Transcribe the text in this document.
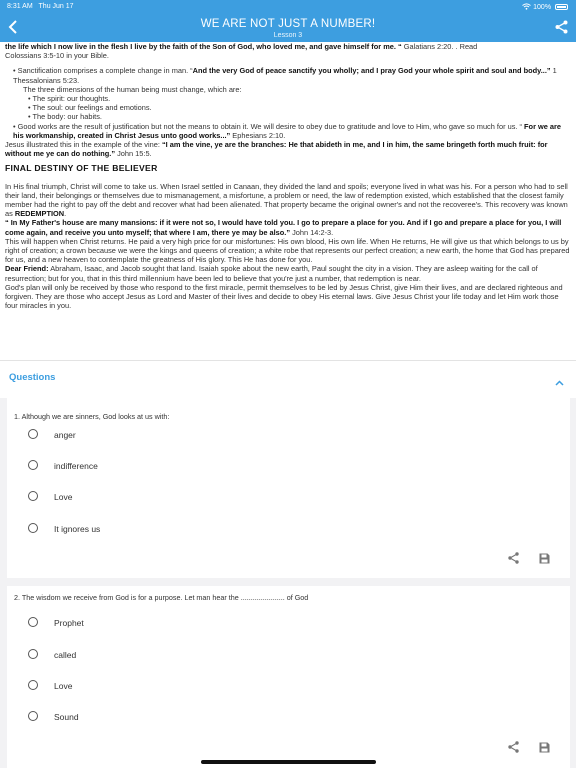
8:31 AM Thu Jun 17	100%
WE ARE NOT JUST A NUMBER!
Lesson 3

the life which I now live in the flesh I live by the faith of the Son of God, who loved me, and gave himself for me. “ Galatians 2:20. . Read

Colossians 3:5-10 in your Bible.

• Sanctification comprises a complete change in man. “And the very God of peace sanctify you wholly; and I pray God your whole spirit and soul and body...” 1 Thessalonians 5:23.

The three dimensions of the human being must change, which are:

• The spirit: our thoughts.

• The soul: our feelings and emotions.

• The body: our habits.

• Good works are the result of justification but not the means to obtain it. We will desire to obey due to gratitude and love to Him, who gave so much for us. “ For we are his workmanship, created in Christ Jesus unto good works...” Ephesians 2:10.

Jesus illustrated this in the example of the vine: “I am the vine, ye are the branches: He that abideth in me, and I in him, the same bringeth forth much fruit: for without me ye can do nothing.” John 15:5.

FINAL DESTINY OF THE BELIEVER

In His final triumph, Christ will come to take us. When Israel settled in Canaan, they divided the land and spoils; everyone lived in what was his. For a person who had to sell their land, their belongings or themselves due to mismanagement, a misfortune, a problem or need, the law of redemption existed, which established that the closest family member had the right to pay off the debt and recover what had been alienated. That property became the original owner's and not the recoveree's. This recovery was known as REDEMPTION.

“ In My Father's house are many mansions: if it were not so, I would have told you. I go to prepare a place for you. And if I go and prepare a place for you, I will come again, and receive you unto myself; that where I am, there ye may be also.” John 14:2-3.

This will happen when Christ returns. He paid a very high price for our misfortunes: His own blood, His own life. When He returns, He will give us that which belongs to us by right of creation; a crown because we were the kings and queens of creation; a white robe that represents our perfect creation; a new earth, the home that God has prepared for us, and a new heaven to contemplate the greatness of His glory. This He has done for you.

Dear Friend: Abraham, Isaac, and Jacob sought that land. Isaiah spoke about the new earth, Paul sought the city in a vision. They are asleep waiting for the call of resurrection; but for you, that in this third millennium have been led to believe that you're just a number, that redemption is near.

God's plan will only be received by those who respond to the first miracle, permit themselves to be led by Jesus Christ, give Him their lives, and are declared righteous and forgiven. They are those who accept Jesus as Lord and Master of their lives and decide to obey His eternal laws. Give Jesus Christ your life today and let Him work those four miracles in you.

Questions
1. Although we are sinners, God looks at us with:
anger
indifference
Love
It ignores us

2. The wisdom we receive from God is for a purpose. Let man hear the ...................... of God
Prophet
called
Love
Sound
